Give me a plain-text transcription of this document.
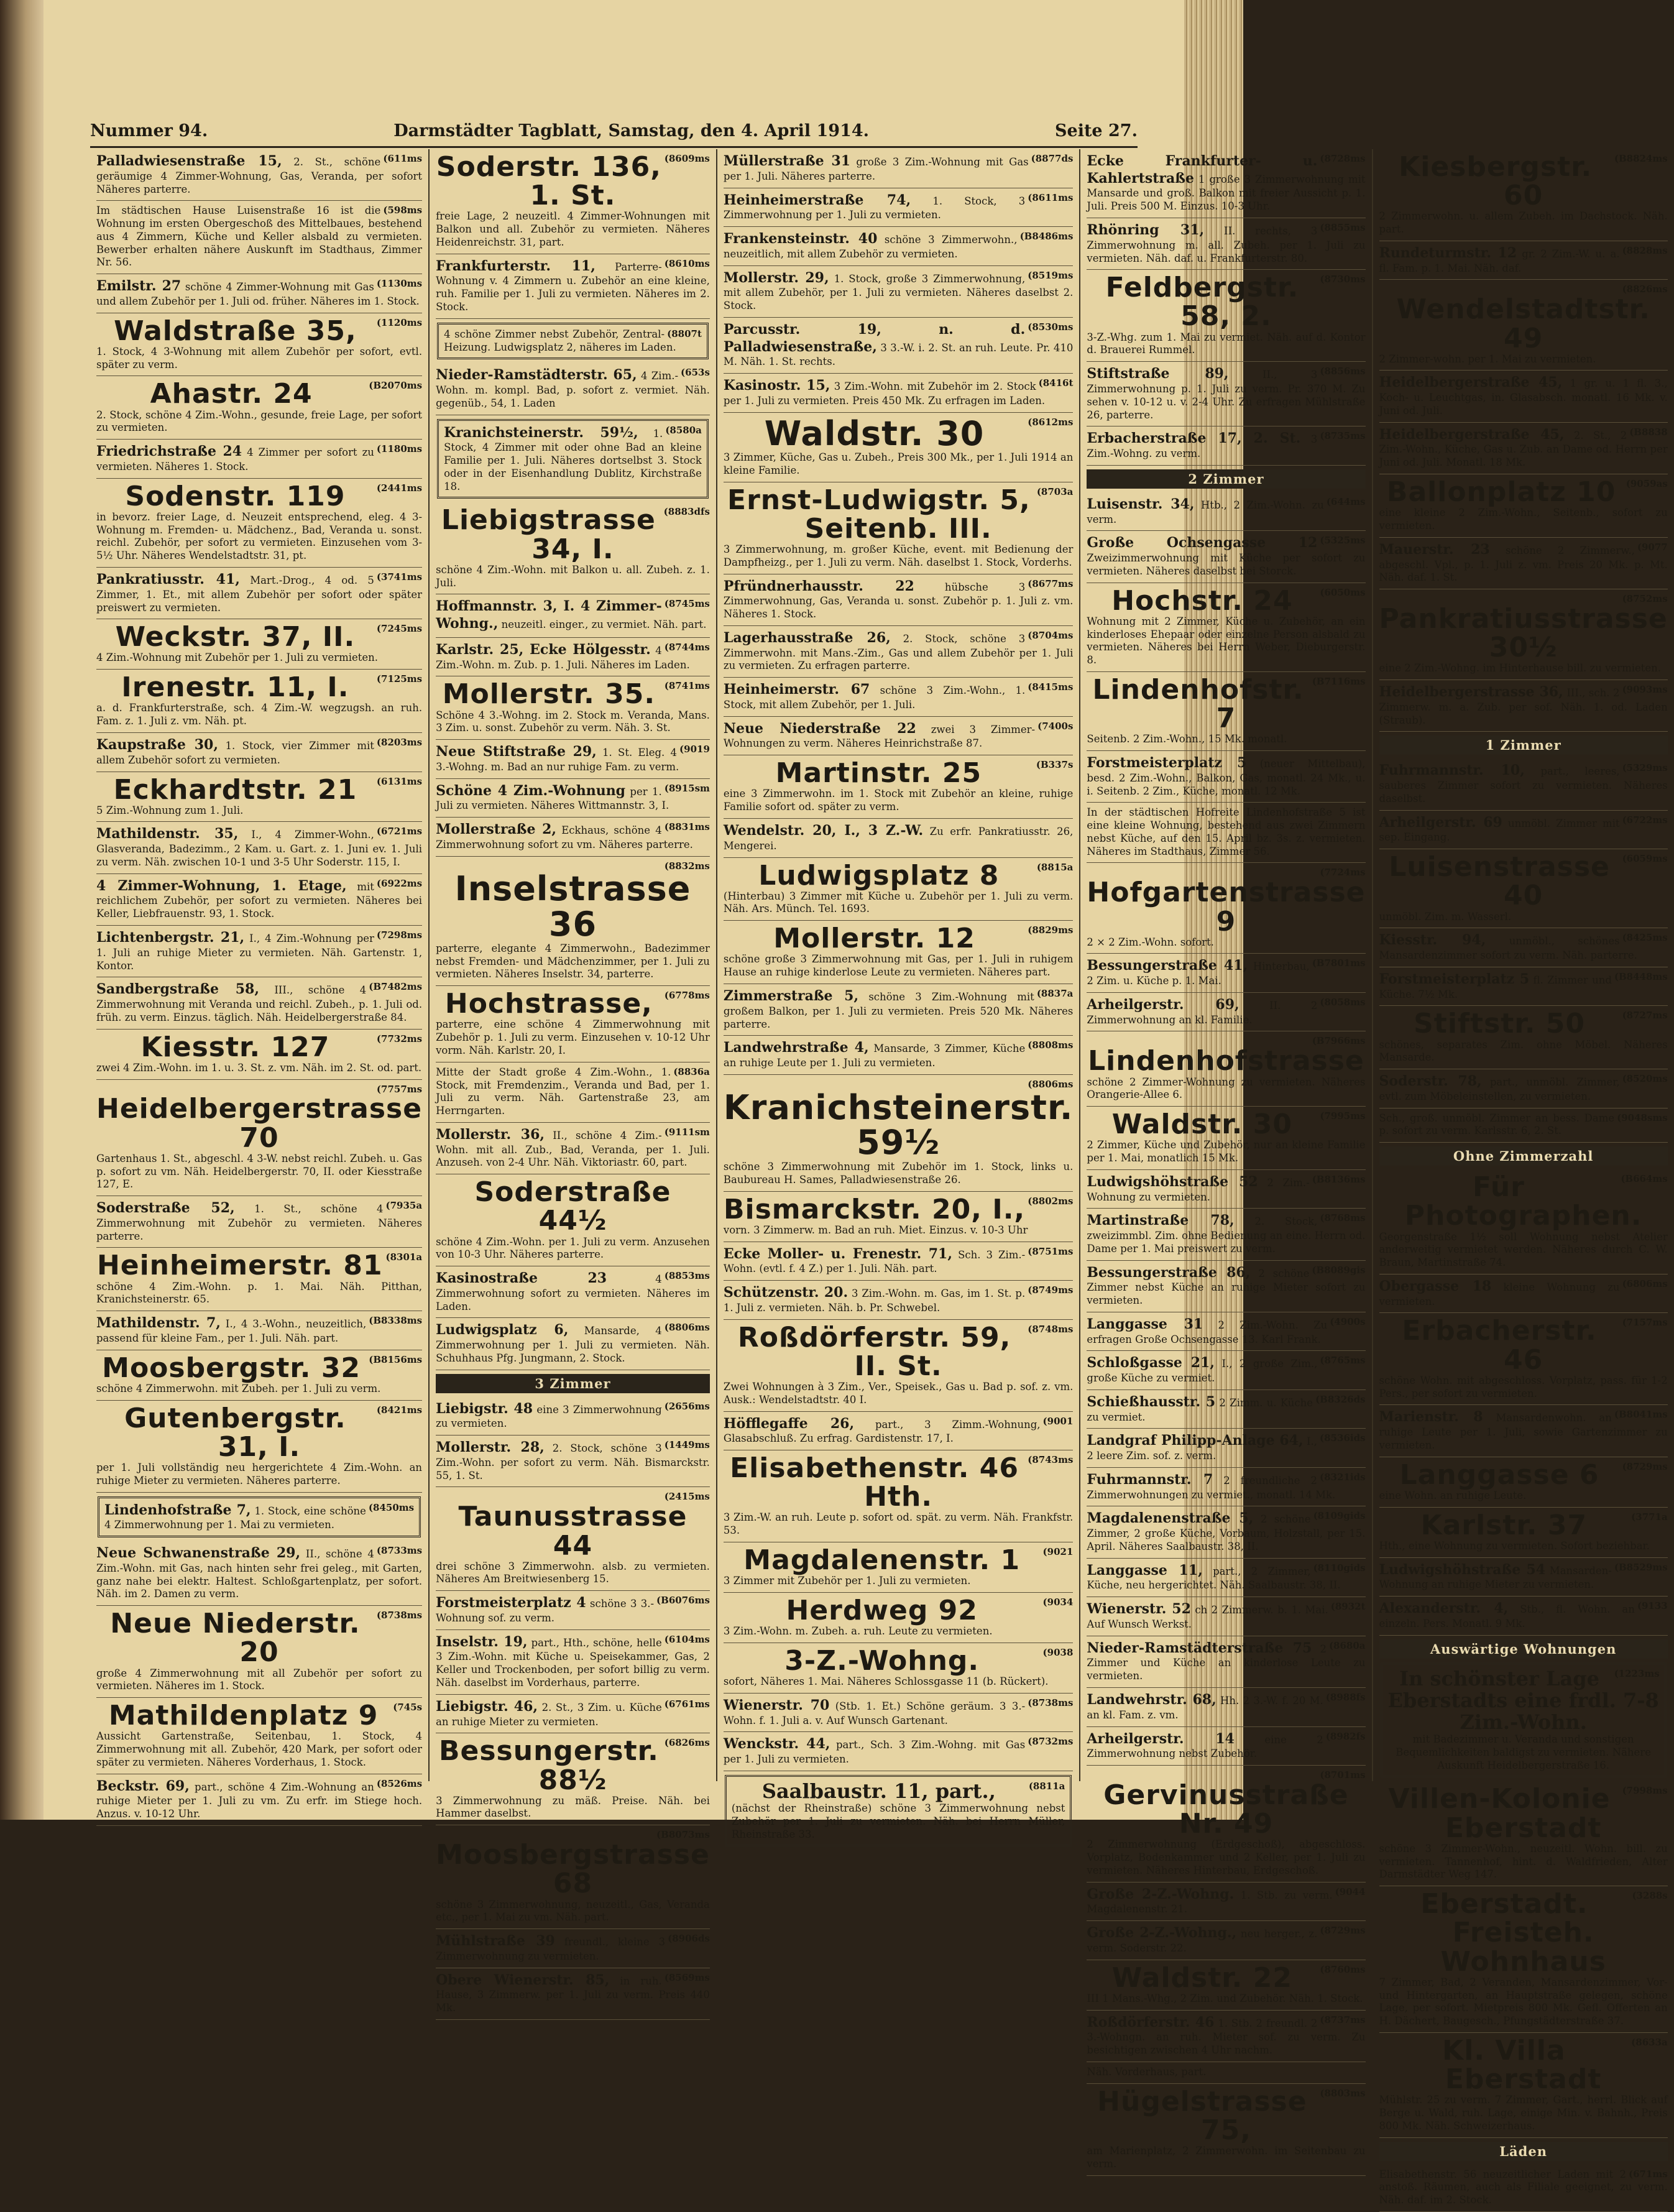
Nummer 94.	Darmstädter Tagblatt, Samstag, den 4. April 1914.	Seite 27.
(611ms
Palladwiesenstraße 15, 2. St., schöne geräumige 4 Zimmer-Wohnung, Gas, Veranda, per sofort Näheres parterre.
(598ms
Im städtischen Hause Luisenstraße 16 ist die Wohnung im ersten Obergeschoß des Mittelbaues, bestehend aus 4 Zimmern, Küche und Keller alsbald zu vermieten. Bewerber erhalten nähere Auskunft im Stadthaus, Zimmer Nr. 56.
(1130ms
Emilstr. 27 schöne 4 Zimmer-Wohnung mit Gas und allem Zubehör per 1. Juli od. früher. Näheres im 1. Stock.
(1120ms
Waldstraße 35,
1. Stock, 4 3-Wohnung mit allem Zubehör per sofort, evtl. später zu verm.
(B2070ms
Ahastr. 24
2. Stock, schöne 4 Zim.-Wohn., gesunde, freie Lage, per sofort zu vermieten.
(1180ms
Friedrichstraße 24 4 Zimmer per sofort zu vermieten. Näheres 1. Stock.
(2441ms
Sodenstr. 119
in bevorz. freier Lage, d. Neuzeit entsprechend, eleg. 4 3-Wohnung m. Fremden- u. Mädchenz., Bad, Veranda u. sonst. reichl. Zubehör, per sofort zu vermieten. Einzusehen vom 3-5½ Uhr. Näheres Wendelstadtstr. 31, pt.
(3741ms
Pankratiusstr. 41, Mart.-Drog., 4 od. 5 Zimmer, 1. Et., mit allem Zubehör per sofort oder später preiswert zu vermieten.
(7245ms
Weckstr. 37, II.
4 Zim.-Wohnung mit Zubehör per 1. Juli zu vermieten.
(7125ms
Irenestr. 11, I.
a. d. Frankfurterstraße, sch. 4 Zim.-W. wegzugsh. an ruh. Fam. z. 1. Juli z. vm. Näh. pt.
(8203ms
Kaupstraße 30, 1. Stock, vier Zimmer mit allem Zubehör sofort zu vermieten.
(6131ms
Eckhardtstr. 21
5 Zim.-Wohnung zum 1. Juli.
(6721ms
Mathildenstr. 35, I., 4 Zimmer-Wohn., Glasveranda, Badezimm., 2 Kam. u. Gart. z. 1. Juni ev. 1. Juli zu verm. Näh. zwischen 10-1 und 3-5 Uhr Soderstr. 115, I.
(6922ms
4 Zimmer-Wohnung, 1. Etage, mit reichlichem Zubehör, per sofort zu vermieten. Näheres bei Keller, Liebfrauenstr. 93, 1. Stock.
(7298ms
Lichtenbergstr. 21, I., 4 Zim.-Wohnung per 1. Juli an ruhige Mieter zu vermieten. Näh. Gartenstr. 1, Kontor.
(B7482ms
Sandbergstraße 58, III., schöne 4 Zimmerwohnung mit Veranda und reichl. Zubeh., p. 1. Juli od. früh. zu verm. Einzus. täglich. Näh. Heidelbergerstraße 84.
(7732ms
Kiesstr. 127
zwei 4 Zim.-Wohn. im 1. u. 3. St. z. vm. Näh. im 2. St. od. part.
(7757ms
Heidelbergerstrasse 70
Gartenhaus 1. St., abgeschl. 4 3-W. nebst reichl. Zubeh. u. Gas p. sofort zu vm. Näh. Heidelbergerstr. 70, II. oder Kiesstraße 127, E.
(7935a
Soderstraße 52, 1. St., schöne 4 Zimmerwohnung mit Zubehör zu vermieten. Näheres parterre.
(8301a
Heinheimerstr. 81
schöne 4 Zim.-Wohn. p. 1. Mai. Näh. Pitthan, Kranichsteinerstr. 65.
(B8338ms
Mathildenstr. 7, I., 4 3.-Wohn., neuzeitlich, passend für kleine Fam., per 1. Juli. Näh. part.
(B8156ms
Moosbergstr. 32
schöne 4 Zimmerwohn. mit Zubeh. per 1. Juli zu verm.
(8421ms
Gutenbergstr. 31, I.
per 1. Juli vollständig neu hergerichtete 4 Zim.-Wohn. an ruhige Mieter zu vermieten. Näheres parterre.
(8450ms
Lindenhofstraße 7, 1. Stock, eine schöne 4 Zimmerwohnung per 1. Mai zu vermieten.
(8733ms
Neue Schwanenstraße 29, II., schöne 4 Zim.-Wohn. mit Gas, nach hinten sehr frei geleg., mit Garten, ganz nahe bei elektr. Haltest. Schloßgartenplatz, per sofort. Näh. im 2. Damen zu verm.
(8738ms
Neue Niederstr. 20
große 4 Zimmerwohnung mit all Zubehör per sofort zu vermieten. Näheres im 1. Stock.
(745s
Mathildenplatz 9
Aussicht Gartenstraße, Seitenbau, 1. Stock, 4 Zimmerwohnung mit all. Zubehör, 420 Mark, per sofort oder später zu vermieten. Näheres Vorderhaus, 1. Stock.
(8526ms
Beckstr. 69, part., schöne 4 Zim.-Wohnung an ruhige Mieter per 1. Juli zu vm. Zu erfr. im Stiege hoch. Anzus. v. 10-12 Uhr.
(8609ms
Soderstr. 136, 1. St.
freie Lage, 2 neuzeitl. 4 Zimmer-Wohnungen mit Balkon und all. Zubehör zu vermieten. Näheres Heidenreichstr. 31, part.
(8610ms
Frankfurterstr. 11, Parterre-Wohnung v. 4 Zimmern u. Zubehör an eine kleine, ruh. Familie per 1. Juli zu vermieten. Näheres im 2. Stock.
(8807t
4 schöne Zimmer nebst Zubehör, Zentral-Heizung. Ludwigsplatz 2, näheres im Laden.
(653s
Nieder-Ramstädterstr. 65, 4 Zim.-Wohn. m. kompl. Bad, p. sofort z. vermiet. Näh. gegenüb., 54, 1. Laden
(8580a
Kranichsteinerstr. 59½, 1. Stock, 4 Zimmer mit oder ohne Bad an kleine Familie per 1. Juli. Näheres dortselbst 3. Stock oder in der Eisenhandlung Dublitz, Kirchstraße 18.
(8883dfs
Liebigstrasse 34, I.
schöne 4 Zim.-Wohn. mit Balkon u. all. Zubeh. z. 1. Juli.
(8745ms
Hoffmannstr. 3, I. 4 Zimmer-Wohng., neuzeitl. einger., zu vermiet. Näh. part.
(8744ms
Karlstr. 25, Ecke Hölgesstr. 4 Zim.-Wohn. m. Zub. p. 1. Juli. Näheres im Laden.
(8741ms
Mollerstr. 35.
Schöne 4 3.-Wohng. im 2. Stock m. Veranda, Mans. 3 Zim. u. sonst. Zubehör zu verm. Näh. 3. St.
(9019
Neue Stiftstraße 29, 1. St. Eleg. 4 3.-Wohng. m. Bad an nur ruhige Fam. zu verm.
(8915sm
Schöne 4 Zim.-Wohnung per 1. Juli zu vermieten. Näheres Wittmannstr. 3, I.
(8831ms
Mollerstraße 2, Eckhaus, schöne 4 Zimmerwohnung sofort zu vm. Näheres parterre.
(8832ms
Inselstrasse 36
parterre, elegante 4 Zimmerwohn., Badezimmer nebst Fremden- und Mädchenzimmer, per 1. Juli zu vermieten. Näheres Inselstr. 34, parterre.
(6778ms
Hochstrasse,
parterre, eine schöne 4 Zimmerwohnung mit Zubehör p. 1. Juli zu verm. Einzusehen v. 10-12 Uhr vorm. Näh. Karlstr. 20, I.
(8836a
Mitte der Stadt große 4 Zim.-Wohn., 1. Stock, mit Fremdenzim., Veranda und Bad, per 1. Juli zu verm. Näh. Gartenstraße 23, am Herrngarten.
(9111sm
Mollerstr. 36, II., schöne 4 Zim.-Wohn. mit all. Zub., Bad, Veranda, per 1. Juli. Anzuseh. von 2-4 Uhr. Näh. Viktoriastr. 60, part.
Soderstraße 44½
schöne 4 Zim.-Wohn. per 1. Juli zu verm. Anzusehen von 10-3 Uhr. Näheres parterre.
(8853ms
Kasinostraße 23	4 Zimmerwohnung sofort zu vermieten. Näheres im Laden.
(8806ms
Ludwigsplatz 6, Mansarde, 4 Zimmerwohnung per 1. Juli zu vermieten. Näh. Schuhhaus Pfg. Jungmann, 2. Stock.
3 Zimmer
(2656ms
Liebigstr. 48 eine 3 Zimmerwohnung zu vermieten.
(1449ms
Mollerstr. 28, 2. Stock, schöne 3 Zim.-Wohn. per sofort zu verm. Näh. Bismarckstr. 55, 1. St.
(2415ms
Taunusstrasse 44
drei schöne 3 Zimmerwohn. alsb. zu vermieten. Näheres Am Breitwiesenberg 15.
(B6076ms
Forstmeisterplatz 4 schöne 3 3.-Wohnung sof. zu verm.
(6104ms
Inselstr. 19, part., Hth., schöne, helle 3 Zim.-Wohn. mit Küche u. Speisekammer, Gas, 2 Keller und Trockenboden, per sofort billig zu verm. Näh. daselbst im Vorderhaus, parterre.
(6761ms
Liebigstr. 46, 2. St., 3 Zim. u. Küche an ruhige Mieter zu vermieten.
(6826ms
Bessungerstr. 88½
3 Zimmerwohnung zu mäß. Preise. Näh. bei Hammer daselbst.
(B8073ms
Moosbergstrasse 68
schöne 3 Zimmerwohnung, neuzeitl., Gas, Veranda etc., per 1. Mai zu vm. Näh. part.
(8906ds
Mühlstraße 39 freundl., kleine 3 Zimmerwohnung zu vermieten.
(8569ms
Obere Wienerstr. 85, in ruh. Hause, 3 Zimmerw. per 1. Juli zu verm. Preis 440 Mk.
(8877ds
Müllerstraße 31 große 3 Zim.-Wohnung mit Gas per 1. Juli. Näheres parterre.
(8611ms
Heinheimerstraße 74, 1. Stock, 3 Zimmerwohnung per 1. Juli zu vermieten.
(B8486ms
Frankensteinstr. 40 schöne 3 Zimmerwohn., neuzeitlich, mit allem Zubehör zu vermieten.
(8519ms
Mollerstr. 29, 1. Stock, große 3 Zimmerwohnung, mit allem Zubehör, per 1. Juli zu vermieten. Näheres daselbst 2. Stock.
(8530ms
Parcusstr. 19, n. d. Palladwiesenstraße, 3 3.-W. i. 2. St. an ruh. Leute. Pr. 410 M. Näh. 1. St. rechts.
(8416t
Kasinostr. 15, 3 Zim.-Wohn. mit Zubehör im 2. Stock per 1. Juli zu vermieten. Preis 450 Mk. Zu erfragen im Laden.
(8612ms
Waldstr. 30
3 Zimmer, Küche, Gas u. Zubeh., Preis 300 Mk., per 1. Juli 1914 an kleine Familie.
(8703a
Ernst-Ludwigstr. 5, Seitenb. III.
3 Zimmerwohnung, m. großer Küche, event. mit Bedienung der Dampfheizg., per 1. Juli zu verm. Näh. daselbst 1. Stock, Vorderhs.
(8677ms
Pfründnerhausstr. 22	hübsche 3 Zimmerwohnung, Gas, Veranda u. sonst. Zubehör p. 1. Juli z. vm. Näheres 1. Stock.
(8704ms
Lagerhausstraße 26, 2. Stock, schöne 3 Zimmerwohn. mit Mans.-Zim., Gas und allem Zubehör per 1. Juli zu vermieten. Zu erfragen parterre.
(8415ms
Heinheimerstr. 67 schöne 3 Zim.-Wohn., 1. Stock, mit allem Zubehör, per 1. Juli.
(7400s
Neue Niederstraße 22 zwei 3 Zimmer-Wohnungen zu verm. Näheres Heinrichstraße 87.
(B337s
Martinstr. 25
eine 3 Zimmerwohn. im 1. Stock mit Zubehör an kleine, ruhige Familie sofort od. später zu verm.
Wendelstr. 20, I., 3 Z.-W. Zu erfr. Pankratiusstr. 26, Mengerei.
(8815a
Ludwigsplatz 8
(Hinterbau) 3 Zimmer mit Küche u. Zubehör per 1. Juli zu verm. Näh. Ars. Münch. Tel. 1693.
(8829ms
Mollerstr. 12
schöne große 3 Zimmerwohnung mit Gas, per 1. Juli in ruhigem Hause an ruhige kinderlose Leute zu vermieten. Näheres part.
(8837a
Zimmerstraße 5, schöne 3 Zim.-Wohnung mit großem Balkon, per 1. Juli zu vermieten. Preis 520 Mk. Näheres parterre.
(8808ms
Landwehrstraße 4, Mansarde, 3 Zimmer, Küche an ruhige Leute per 1. Juli zu vermieten.
(8806ms
Kranichsteinerstr. 59½
schöne 3 Zimmerwohnung mit Zubehör im 1. Stock, links u. Baubureau H. Sames, Palladwiesenstraße 26.
(8802ms
Bismarckstr. 20, I.,
vorn. 3 Zimmerw. m. Bad an ruh. Miet. Einzus. v. 10-3 Uhr
(8751ms
Ecke Moller- u. Frenestr. 71, Sch. 3 Zim.-Wohn. (evtl. f. 4 Z.) per 1. Juli. Näh. part.
(8749ms
Schützenstr. 20. 3 Zim.-Wohn. m. Gas, im 1. St. p. 1. Juli z. vermieten. Näh. b. Pr. Schwebel.
(8748ms
Roßdörferstr. 59, II. St.
Zwei Wohnungen à 3 Zim., Ver., Speisek., Gas u. Bad p. sof. z. vm. Ausk.: Wendelstadtstr. 40 I.
(9001
Höfflegaffe 26, part., 3 Zimm.-Wohnung, Glasabschluß. Zu erfrag. Gardistenstr. 17, I.
(8743ms
Elisabethenstr. 46 Hth.
3 Zim.-W. an ruh. Leute p. sofort od. spät. zu verm. Näh. Frankfstr. 53.
(9021
Magdalenenstr. 1
3 Zimmer mit Zubehör per 1. Juli zu vermieten.
(9034
Herdweg 92
3 Zim.-Wohn. m. Zubeh. a. ruh. Leute zu vermieten.
(9038
3-Z.-Wohng.
sofort, Näheres 1. Mai. Näheres Schlossgasse 11 (b. Rückert).
(8738ms
Wienerstr. 70 (Stb. 1. Et.) Schöne geräum. 3 3.-Wohn. f. 1. Juli a. v. Auf Wunsch Gartenant.
(8732ms
Wenckstr. 44, part., Sch. 3 Zim.-Wohng. mit Gas per 1. Juli zu vermieten.
(8811a
Saalbaustr. 11, part.,
(nächst der Rheinstraße) schöne 3 Zimmerwohnung nebst Zubehör per 1. Juli zu vermieten. Näh. bei Herrn Müller, Rheinstraße 33.
(8728ms
Ecke Frankfurter- u. Kahlertstraße 1 große 3 Zimmerwohnung mit Mansarde und groß. Balkon mit freier Aussicht p. 1. Juli. Preis 500 M. Einzus. 10-3 Uhr.
(8855ms
Rhönring 31, II. rechts, 3 Zimmerwohnung m. all. Zubeh. per 1. Juli zu vermieten. Näh. daf. u. Frankfurterstr. 80.
(8730ms
Feldbergstr. 58, 2.
3-Z.-Whg. zum 1. Mai zu vermiet. Näh. auf d. Kontor d. Brauerei Rummel.
(8856ms
Stiftstraße 89,	II., 3 Zimmerwohnung p. 1. Juli zu verm. Pr. 370 M. Zu sehen v. 10-12 u. v. 2-4 Uhr. Zu erfragen Mühlstraße 26, parterre.
(8735ms
Erbacherstraße 17, 2. St. 3 Zim.-Wohng. zu verm.
2 Zimmer
(644ms
Luisenstr. 34, Htb., 2 Zim.-Wohn. zu verm.
(5325ms
Große Ochsengasse 12 Zweizimmerwohnung mit Küche per sofort zu vermieten. Näheres daselbst bei Storck.
(6050ms
Hochstr. 24
Wohnung mit 2 Zimmer, Küche u. Zubehör, an ein kinderloses Ehepaar oder einzelne Person alsbald zu vermieten. Näheres bei Herrn Weber, Dieburgerstr. 8.
(B7116ms
Lindenhofstr. 7
Seitenb. 2 Zim.-Wohn., 15 Mk. monatl.
Forstmeisterplatz 5 (neuer Mittelbau), besd. 2 Zim.-Wohn., Balkon, Gas, monatl. 24 Mk., u. i. Seitenb. 2 Zim., Küche, monatl. 12 Mk.
In der städtischen Hofreite Lindenhofstraße 5 ist eine kleine Wohnung, bestehend aus zwei Zimmern nebst Küche, auf den 15. April bz. 3s. z. vermieten. Näheres im Stadthaus, Zimmer 56.
(7724ms
Hofgartenstrasse 9
2 × 2 Zim.-Wohn. sofort.
(B7801ms
Bessungerstraße 41, Hinterbau, 2 Zim. u. Küche p. 1. Mai.
(8058ms
Arheilgerstr. 69,	II. 2 Zimmerwohnung an kl. Familie.
(B7966ms
Lindenhofstrasse
schöne 2 Zimmer-Wohnung zu vermieten. Näheres Orangerie-Allee 6.
(7995ms
Waldstr. 30
2 Zimmer, Küche und Zubehör, nur an kleine Familie per 1. Mai, monatlich 15 Mk.
(B8136ms
Ludwigshöhstraße 52 2 Zim.-Wohnung zu vermieten.
(8768ms
Martinstraße 78, 2. Stock, zweizimmbl. Zim. ohne Bedienung an eine. Herrn od. Dame per 1. Mai preiswert zu verm.
(B8089gis
Bessungerstraße 86, 2 schöne Zimmer nebst Küche an ruhige Mieter sofort zu vermieten.
(4900s
Langgasse 31 2 Zim.-Wohn. Zu erfragen Große Ochsengasse 13. Karl Frank.
(8765ms
Schloßgasse 21, I., 2 große Zim., große Küche zu vermiet.
(B8326ds
Schießhausstr. 5 2 Zimm. u. Küche zu vermiet.
(8536ids
Landgraf Philipp-Anlage 64, I., 2 leere Zim. sof. z. verm.
(8321ids
Fuhrmannstr. 7 2 freundliche 2 Zimmerwohnungen zu vermiet., monatl. 14 Mk.
(8109gids
Magdalenenstraße 5, 2 schöne Zimmer, 2 große Küche, Vorbaum, Holzstall, per 15. April. Näheres Saalbaustr. 38, II.
(8110gids
Langgasse 11, part., 2 Zimmer, Küche, neu hergerichtet. Näh. Saalbaustr. 38, II.
(8932t
Wienerstr. 52 ch 2 Zimmerw. b. 1. Mai. Auf Wunsch Werkst.
(8680a
Nieder-Ramstädterstraße 75 2 Zimmer und Küche an kinderlose Leute zu vermieten.
(8988fs
Landwehrstr. 68, Hh. 2 3.-W. f. 20 M. an kl. Fam. z. vm.
(8982fs
Arheilgerstr. 14	eine 2 Zimmerwohnung nebst Zubehör.
(8701ms
Gervinusstraße Nr. 49
2 Zimmerwohnung (Erdgeschoß), abgeschloss. Vorplatz, Bodenkammer und 2 Keller, per 1. Juli zu vermieten. Näheres Hinterbau, Erdgeschoß.
(9044
Große 2-Z.-Wohng. 1. Stb. zu verm. Magdalenenstr. 21.
(8729ms
Große 2-Z.-Wohng., neu herger., z. verm. Soderstr. 22.
(8760ms
Waldstr. 22
III 1 Mans.-Whg., 2 Zim. und Zubehör. Näh. 1. Stock.
(8737ms
Roßdörferstr. 46 1. Stb. 2 freundl. 2 3.-Wohngn. an ruh. Mieter sof. zu verm. Zu besichtigen zwischen 4 Uhr nachm.
Näh. Vorderhaus, part.
(8803ms
Hügelstrasse 75,
am Marienplatz, 2 Zimmerwohn. im Seitenbau zu verm.
(B8824ms
Kiesbergstr. 60
2 Zimmerwohn. u. allem Zubeh. im Dachstock. Näh. part.
(8828ms
Rundeturmstr. 12 gr. 2 Zim.-W. u. a. fl. Fam. p. 1. Mai. Näh. daf.
(8826ms
Wendelstadtstr. 49
2 Zimmer-wohn. per 1. Mai zu vermieten.
Heidelbergerstraße 45, 1 gr. u. 1 fl. 3., Koch- u. Leuchtgas, in. Glasabsch. monatl. 16 Mk. v. Juni od. Juli.
(B8838
Heidelbergerstraße 45, 2. St., 2 Zim.-Wohn., Küche, Gas u. Zub. an Dame od. Herrn per Juni od. Juli. Monatl. 18 Mk.
(9059as
Ballonplatz 10
eine kleine 2 Zim.-Wohn., Seitenb., sofort zu vermieten.
(9077
Mauerstr. 23 schöne 2 Zimmerw., abgeschl. Vpl., p. 1. Juli z. vm. Preis 20 Mk. p. Mt. Näh. daf. 1. St.
(8752ms
Pankratiusstrasse 30½
eine 2 Zim.-Wohng. im Hinterhause bill. zu vermieten.
(9093ms
Heidelbergerstrasse 36, III., sch. 2 Zimmerw. m. a. Zub. per sof. Näh. 1. od. Laden (Straub).
1 Zimmer
(5329ms
Fuhrmannstr. 10, part., leeres, sauberes Zimmer sofort zu vermieten. Näheres daselbst.
(6722ms
Arheilgerstr. 69 unmöbl. Zimmer mit sep. Eingang.
(6059ms
Luisenstrasse 40
unmöbl. Zim. m. Wasserl.
(8425ms
Kiesstr. 94, unmöbl., schönes Mansardenzimmer sofort zu verm. Näh. parterre.
(B8448ms
Forstmeisterplatz 5 fl. Zimmer und Küche. 7½ Mk.
(8727ms
Stiftstr. 50
schönes, separates Zim. ohne Möbel. Näheres Mansarde.
(8520ms
Soderstr. 78, part., unmöbl. Zimmer, evtl. zum Möbeleinstellen, zu vermieten.
(9048sms
Sch., groß. unmöbl. Zimmer an bess. Dame p. sofort zu verm. Karlsstr. 6, 2. St.
Ohne Zimmerzahl
(B664ms
Für Photographen.
Georgenstraße 1½ soll Wohnung nebst Atelier anderweitig vermietet werden. Näheres durch C. W. Braun, Martinstraße 74.
(6806ms
Obergasse 18 kleine Wohnung zu vermieten.
(7157ms
Erbacherstr. 46
schöne Wohn. mit abgeschloss. Vorplatz, pass. für 1-2 Pers., per sofort zu vermieten.
(B8041ms
Marienstr. 8 Mansardenwohn. an ruhige Leute per 1. Juli, sowie Gartenzimmer zu vermieten.
(8729ms
Langgasse 6
eine Wohn. an ruhige Leute.
(3771a
Karlstr. 37
Hth., eine Wohnung zu vermieten. Sofort beziehbar.
(B8529ms
Ludwigshöhstraße 54 Mansarden-Wohnung an ruhige Mieter zu vermieten.
(9133
Alexanderstr. 4, Stb., fl. Wohn. an einzeln. Pers. Monatl. 9 Mk.
Auswärtige Wohnungen
(1223ms
In schönster Lage Eberstadts eine frdl. 7-8 Zim.-Wohn.
mit Badezimmer u. Veranda und sonstigen Bequemlichkeiten baldigst zu vermieten. Nähere Auskunft Heidelbergerstraße 16.
(7998ms
Villen-Kolonie Eberstadt
schöne 3 Zimmer-Wohn., neuzeitl. Wohn. bill. zu vermieten. Tannenhof, hint. d. Waldfrieden, Alter Darmstädter Weg 147.
(3288s
Eberstadt. Freisteh. Wohnhaus
7 Zimmer, Bad, 2 Veranden, Mansardenzimmer, Vor- und Hintergarten, an Hauptstraße gelegen, schöne Lage, per sofort. Mietpreis 800 Mk. Gefl. Offerten an H. Dächert, Baugesch., Pfungstädterstraße 37.
(8633a
Kl. Villa Eberstadt
Mühlstr. 25 zu verm. 7 Zimmer, Gart., herrl. Blick auf Berge u. Wald, ruh. Lage, einige Min. v. Bahnh., Preis 800 Mk. Näh. Schweizerhaus.
Läden
(671ms
Elisabethenstr. 56 neuzeitlicher Laden mit 2 anstoß. Räumen, auch als Filiale geeignet, zu verm. Näh. daf. im 2. Stock.
